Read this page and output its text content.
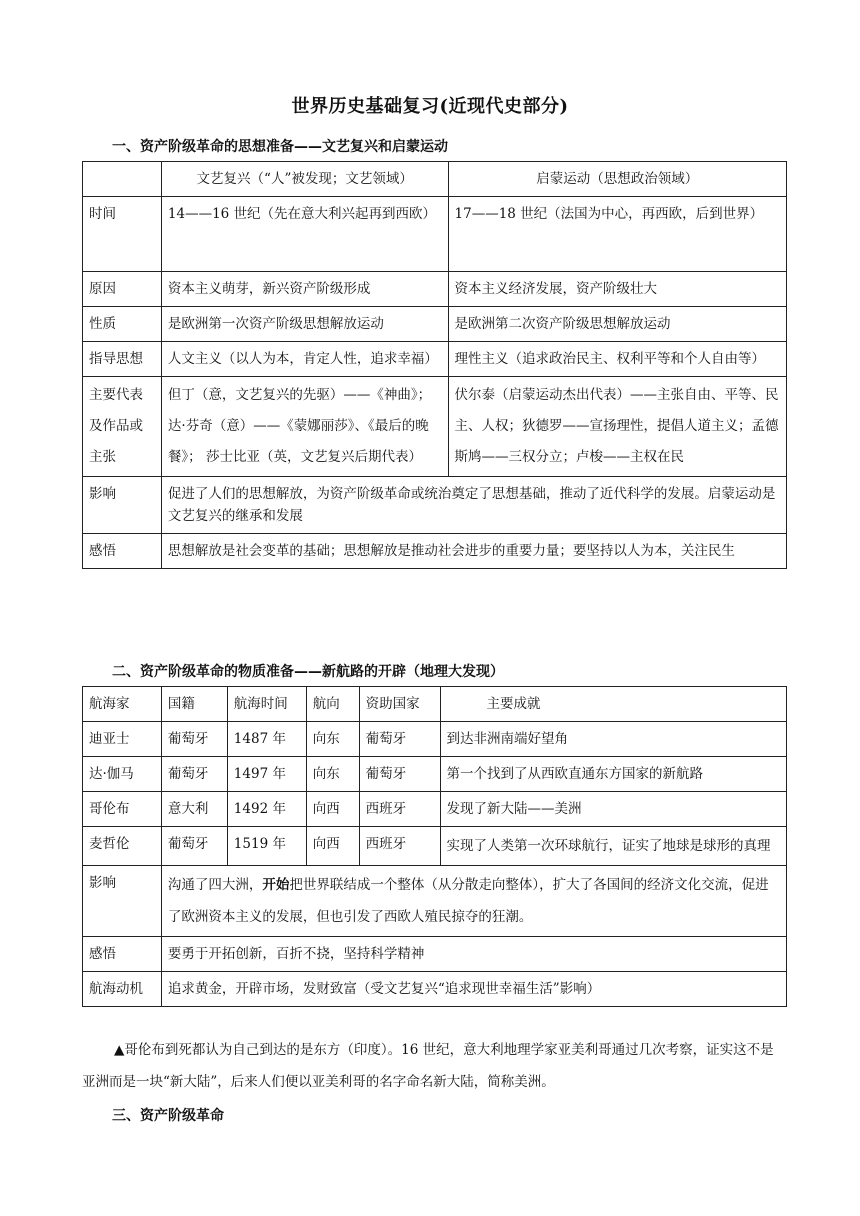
世界历史基础复习(近现代史部分)
一、资产阶级革命的思想准备——文艺复兴和启蒙运动
	文艺复兴（“人”被发现；文艺领域）	启蒙运动（思想政治领域）
时间	14——16 世纪（先在意大利兴起再到西欧）	17——18 世纪（法国为中心，再西欧，后到世界）
原因	资本主义萌芽，新兴资产阶级形成	资本主义经济发展，资产阶级壮大
性质	是欧洲第一次资产阶级思想解放运动	是欧洲第二次资产阶级思想解放运动
指导思想	人文主义（以人为本，肯定人性，追求幸福）	理性主义（追求政治民主、权利平等和个人自由等）
主要代表及作品或主张	但丁（意，文艺复兴的先驱）——《神曲》；达·芬奇（意）——《蒙娜丽莎》、《最后的晚餐》； 莎士比亚（英，文艺复兴后期代表）	伏尔泰（启蒙运动杰出代表）——主张自由、平等、民主、人权；狄德罗——宣扬理性，提倡人道主义；孟德斯鸠——三权分立；卢梭——主权在民
影响	促进了人们的思想解放，为资产阶级革命或统治奠定了思想基础，推动了近代科学的发展。启蒙运动是文艺复兴的继承和发展	
感悟	思想解放是社会变革的基础；思想解放是推动社会进步的重要力量；要坚持以人为本，关注民生	
二、资产阶级革命的物质准备——新航路的开辟（地理大发现）
航海家	国籍	航海时间	航向	资助国家	主要成就
迪亚士	葡萄牙	1487 年	向东	葡萄牙	到达非洲南端好望角
达·伽马	葡萄牙	1497 年	向东	葡萄牙	第一个找到了从西欧直通东方国家的新航路
哥伦布	意大利	1492 年	向西	西班牙	发现了新大陆——美洲
麦哲伦	葡萄牙	1519 年	向西	西班牙	实现了人类第一次环球航行，证实了地球是球形的真理
影响	沟通了四大洲，开始把世界联结成一个整体（从分散走向整体），扩大了各国间的经济文化交流，促进了欧洲资本主义的发展，但也引发了西欧人殖民掠夺的狂潮。				
感悟	要勇于开拓创新，百折不挠，坚持科学精神				
航海动机	追求黄金，开辟市场，发财致富（受文艺复兴“追求现世幸福生活”影响）				
▲哥伦布到死都认为自己到达的是东方（印度）。16 世纪，意大利地理学家亚美利哥通过几次考察，证实这不是亚洲而是一块“新大陆”，后来人们便以亚美利哥的名字命名新大陆，简称美洲。
三、资产阶级革命
